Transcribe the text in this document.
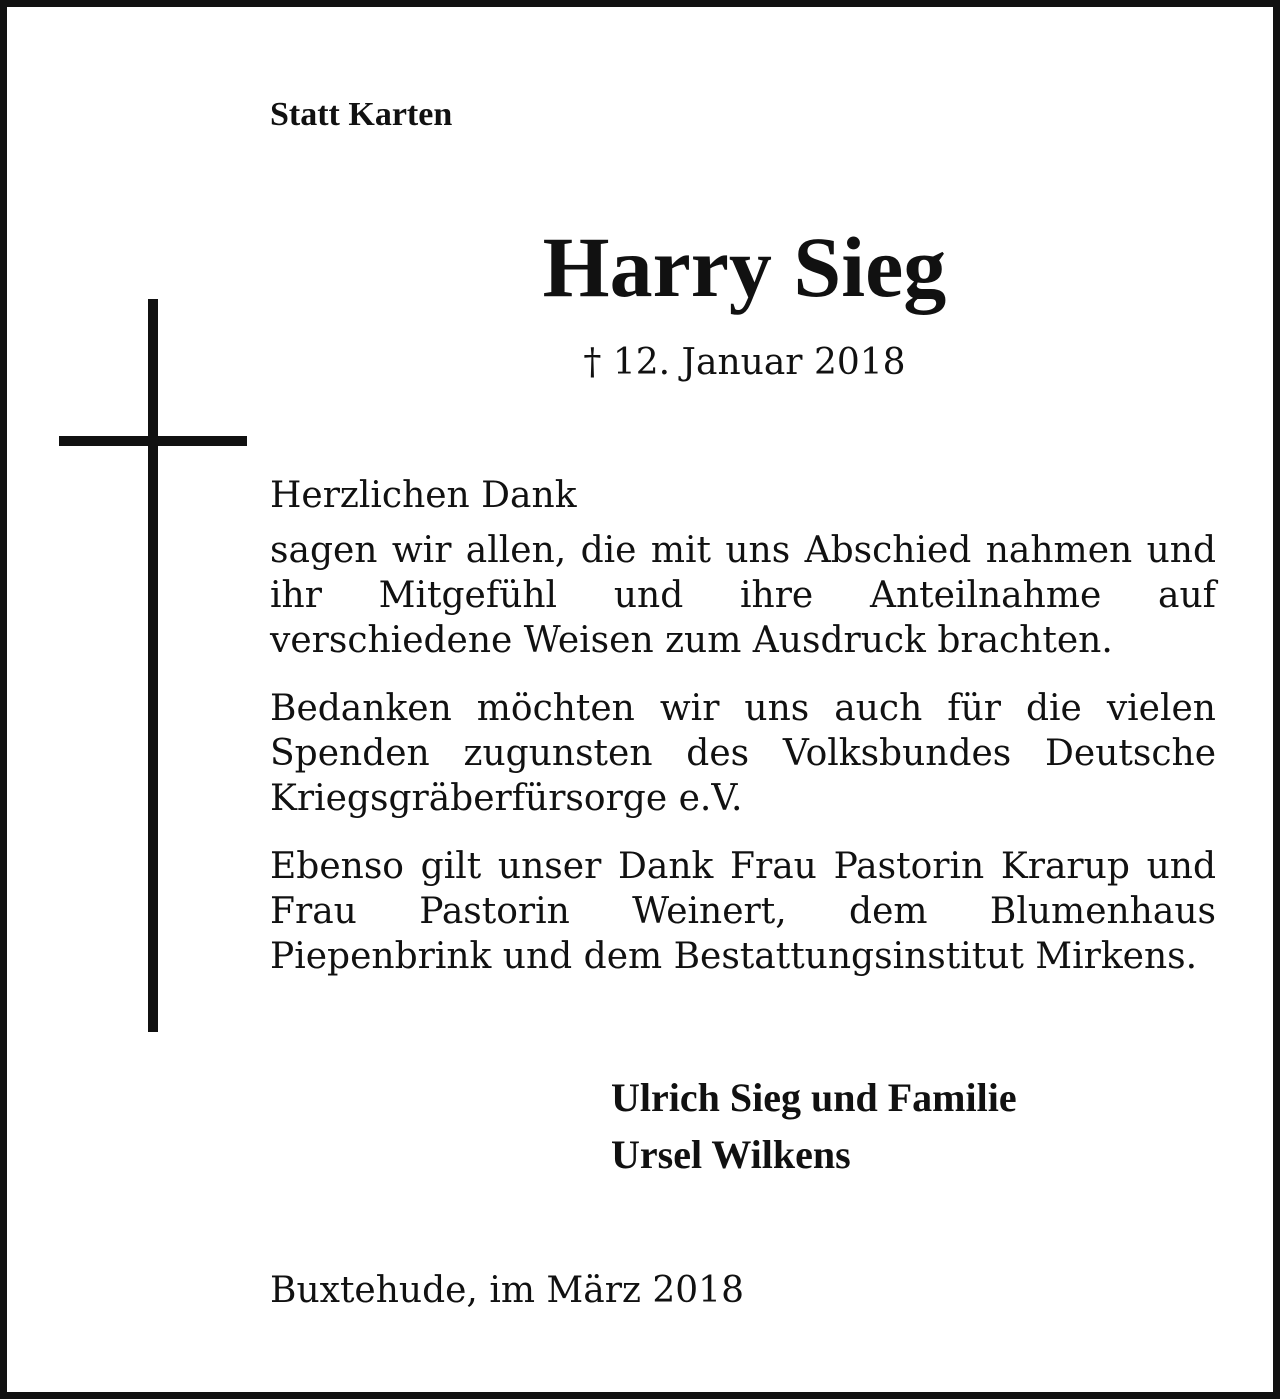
Statt Karten
Harry Sieg
† 12. Januar 2018
Herzlichen Dank

sagen wir allen, die mit uns Abschied nahmen und ihr Mitgefühl und ihre Anteilnahme auf verschiedene Weisen zum Ausdruck brachten.

Bedanken möchten wir uns auch für die vielen Spenden zugunsten des Volksbundes Deutsche Kriegsgräberfürsorge e.V.

Ebenso gilt unser Dank Frau Pastorin Krarup und Frau Pastorin Weinert, dem Blumenhaus Piepenbrink und dem Bestattungsinstitut Mirkens.

Ulrich Sieg und Familie
Ursel Wilkens
Buxtehude, im März 2018
